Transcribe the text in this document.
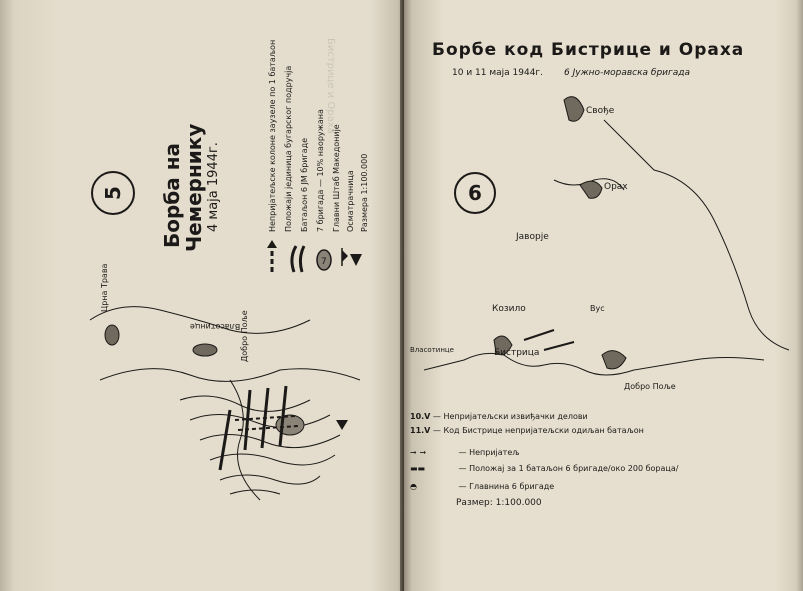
Бистрице и Ораха
5 Борба на
Чемернику 4 маја 1944г.
7
Непријатељске колоне заузеле по 1 батаљон Положаји јединица бугарског подручја Батаљон 6 ЈМ бригаде 7 бригада — 10% наоружана Главни Штаб Македоније Осматрачница Размера 1:100.000
Црна Трава
Власотинце Добро Поље
Борбе код Бистрице и Ораха
10 и 11 маја 1944г. 6 Јужно-моравска бригада
6
Свође
Орах
Јаворје
Козило	Вус
Власотинце	Бистрица
Добро Поље
10.V — Непријатељски извиђачки делови
11.V — Код Бистрице непријатељски одиљан батаљон
➞ ➞	— Непријатељ
▬▬	— Положај за 1 батаљон 6 бригаде/око 200 бораца/
◓	— Главнина 6 бригаде
Размер: 1:100.000
